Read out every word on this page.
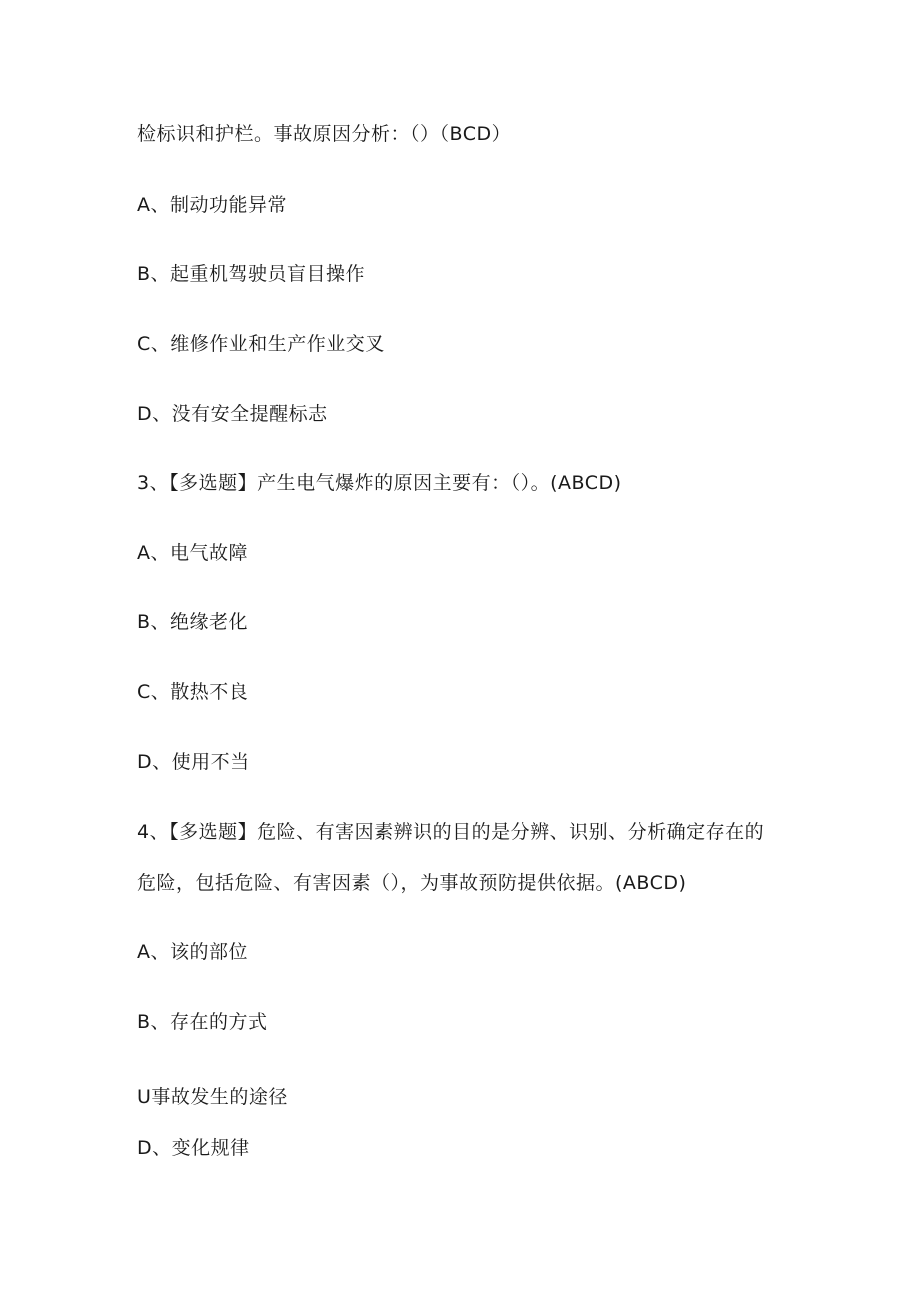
检标识和护栏。事故原因分析：（）（BCD）
A、制动功能异常
B、起重机驾驶员盲目操作
C、维修作业和生产作业交叉
D、没有安全提醒标志
3、【多选题】产生电气爆炸的原因主要有：（）。(ABCD)
A、电气故障
B、绝缘老化
C、散热不良
D、使用不当
4、【多选题】危险、有害因素辨识的目的是分辨、识别、分析确定存在的
危险，包括危险、有害因素（），为事故预防提供依据。(ABCD)
A、该的部位
B、存在的方式
U事故发生的途径
D、变化规律
